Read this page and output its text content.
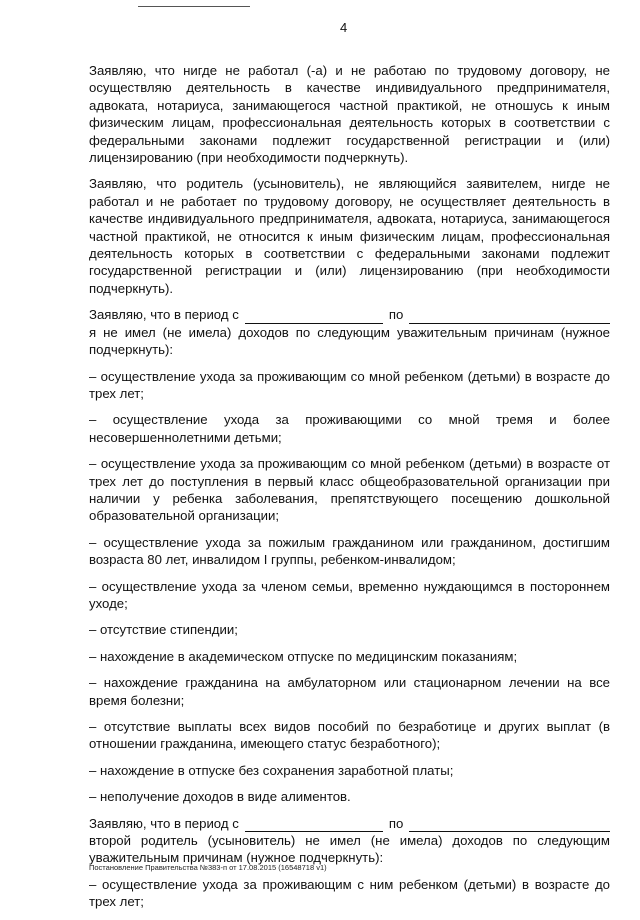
4

Заявляю, что нигде не работал (-а) и не работаю по трудовому договору, не осуществляю деятельность в качестве индивидуального предпринимателя, адвоката, нотариуса, занимающегося частной практикой, не отношусь к иным физическим лицам, профессиональная деятельность которых в соответствии с федеральными законами подлежит государственной регистрации и (или) лицензированию (при необходимости подчеркнуть).

Заявляю, что родитель (усыновитель), не являющийся заявителем, нигде не работал и не работает по трудовому договору, не осуществляет деятельность в качестве индивидуального предпринимателя, адвоката, нотариуса, занимающегося частной практикой, не относится к иным физическим лицам, профессиональная деятельность которых в соответствии с федеральными законами подлежит государственной регистрации и (или) лицензированию (при необходимости подчеркнуть).

Заявляю, что в период с	по
я не имел (не имела) доходов по следующим уважительным причинам (нужное подчеркнуть):

– осуществление ухода за проживающим со мной ребенком (детьми) в возрасте до трех лет;

– осуществление ухода за проживающими со мной тремя и более несовершеннолетними детьми;

– осуществление ухода за проживающим со мной ребенком (детьми) в возрасте от трех лет до поступления в первый класс общеобразовательной организации при наличии у ребенка заболевания, препятствующего посещению дошкольной образовательной организации;

– осуществление ухода за пожилым гражданином или гражданином, достигшим возраста 80 лет, инвалидом I группы, ребенком-инвалидом;

– осуществление ухода за членом семьи, временно нуждающимся в постороннем уходе;

– отсутствие стипендии;

– нахождение в академическом отпуске по медицинским показаниям;

– нахождение гражданина на амбулаторном или стационарном лечении на все время болезни;

– отсутствие выплаты всех видов пособий по безработице и других выплат (в отношении гражданина, имеющего статус безработного);

– нахождение в отпуске без сохранения заработной платы;

– неполучение доходов в виде алиментов.

Заявляю, что в период с	по
второй родитель (усыновитель) не имел (не имела) доходов по следующим уважительным причинам (нужное подчеркнуть):

– осуществление ухода за проживающим с ним ребенком (детьми) в возрасте до трех лет;

Постановление Правительства №383-п от 17.08.2015 (16548718 v1)
